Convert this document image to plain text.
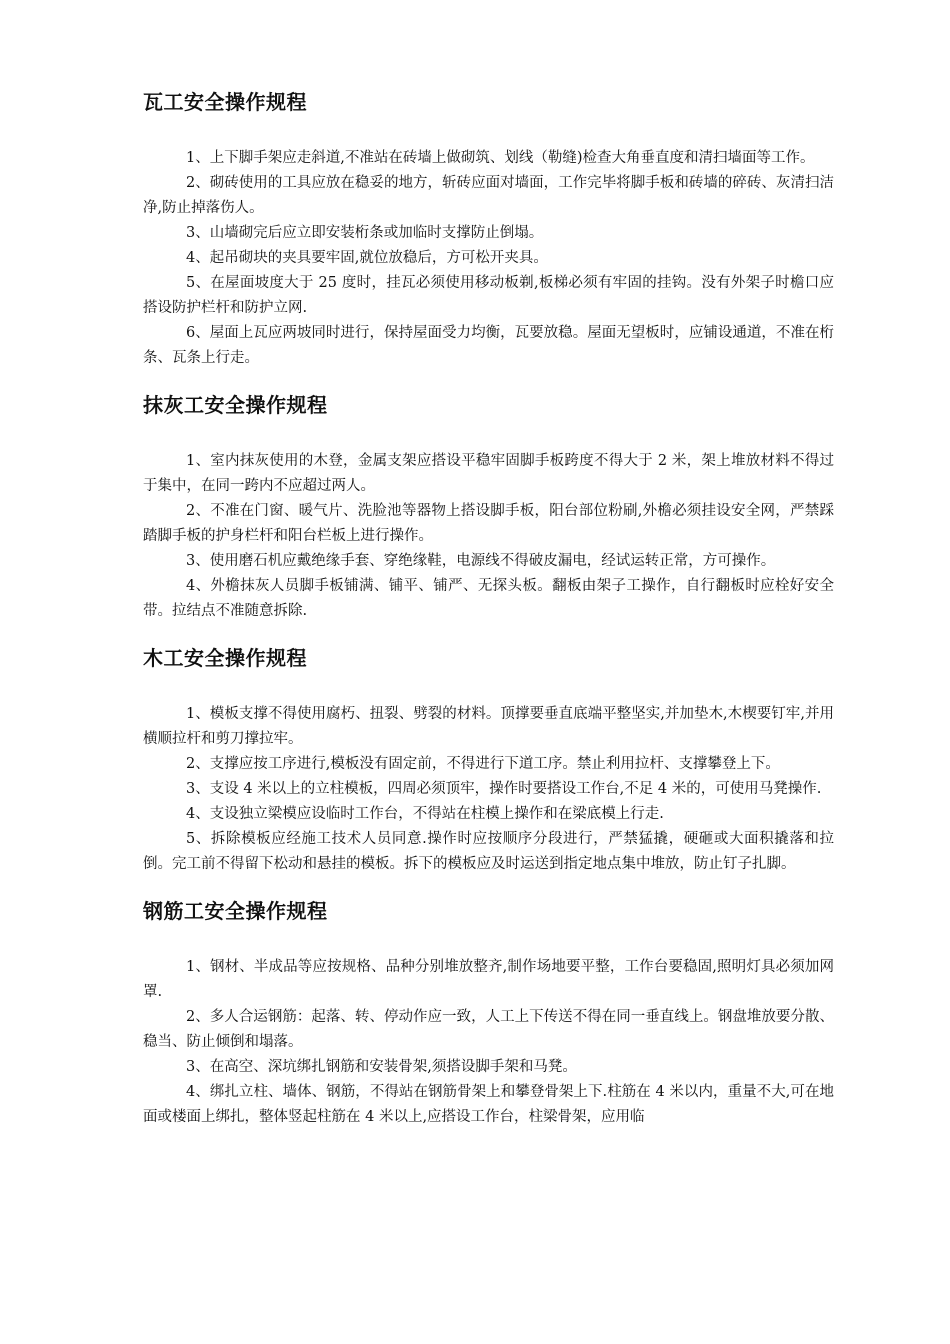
瓦工安全操作规程

1、上下脚手架应走斜道,不准站在砖墙上做砌筑、划线（勒缝)检查大角垂直度和清扫墙面等工作。

2、砌砖使用的工具应放在稳妥的地方，斩砖应面对墙面，工作完毕将脚手板和砖墙的碎砖、灰清扫洁净,防止掉落伤人。

3、山墙砌完后应立即安装桁条或加临时支撑防止倒塌。

4、起吊砌块的夹具要牢固,就位放稳后，方可松开夹具。

5、在屋面坡度大于 25 度时，挂瓦必须使用移动板剃,板梯必须有牢固的挂钩。没有外架子时檐口应搭设防护栏杆和防护立网.

6、屋面上瓦应两坡同时进行，保持屋面受力均衡，瓦要放稳。屋面无望板时，应铺设通道，不准在桁条、瓦条上行走。

抹灰工安全操作规程

1、室内抹灰使用的木登，金属支架应搭设平稳牢固脚手板跨度不得大于 2 米，架上堆放材料不得过于集中，在同一跨内不应超过两人。

2、不准在门窗、暖气片、洗脸池等器物上搭设脚手板，阳台部位粉刷,外檐必须挂设安全网，严禁踩踏脚手板的护身栏杆和阳台栏板上进行操作。

3、使用磨石机应戴绝缘手套、穿绝缘鞋，电源线不得破皮漏电，经试运转正常，方可操作。

4、外檐抹灰人员脚手板铺满、铺平、铺严、无探头板。翻板由架子工操作，自行翻板时应栓好安全带。拉结点不准随意拆除.

木工安全操作规程

1、模板支撑不得使用腐朽、扭裂、劈裂的材料。顶撑要垂直底端平整坚实,并加垫木,木楔要钉牢,并用横顺拉杆和剪刀撑拉牢。

2、支撑应按工序进行,模板没有固定前，不得进行下道工序。禁止利用拉杆、支撑攀登上下。

3、支设 4 米以上的立柱模板，四周必须顶牢，操作时要搭设工作台,不足 4 米的，可使用马凳操作.

4、支设独立梁模应设临时工作台，不得站在柱模上操作和在梁底模上行走.

5、拆除模板应经施工技术人员同意.操作时应按顺序分段进行，严禁猛撬，硬砸或大面积撬落和拉倒。完工前不得留下松动和悬挂的模板。拆下的模板应及时运送到指定地点集中堆放，防止钉子扎脚。

钢筋工安全操作规程

1、钢材、半成品等应按规格、品种分别堆放整齐,制作场地要平整，工作台要稳固,照明灯具必须加网罩.

2、多人合运钢筋：起落、转、停动作应一致，人工上下传送不得在同一垂直线上。钢盘堆放要分散、稳当、防止倾倒和塌落。

3、在高空、深坑绑扎钢筋和安装骨架,须搭设脚手架和马凳。

4、绑扎立柱、墙体、钢筋，不得站在钢筋骨架上和攀登骨架上下.柱筋在 4 米以内，重量不大,可在地面或楼面上绑扎，整体竖起柱筋在 4 米以上,应搭设工作台，柱梁骨架，应用临
